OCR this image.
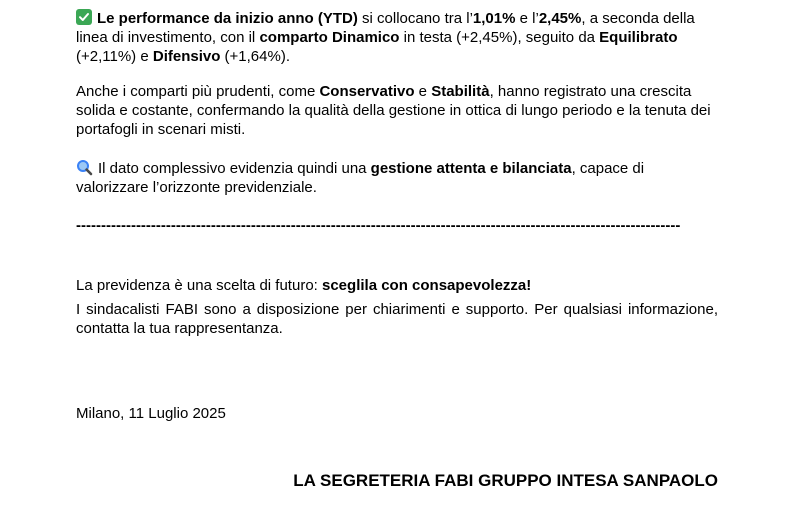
Le performance da inizio anno (YTD) si collocano tra l’1,01% e l’2,45%, a seconda della linea di investimento, con il comparto Dinamico in testa (+2,45%), seguito da Equilibrato (+2,11%) e Difensivo (+1,64%).

Anche i comparti più prudenti, come Conservativo e Stabilità, hanno registrato una crescita solida e costante, confermando la qualità della gestione in ottica di lungo periodo e la tenuta dei portafogli in scenari misti.

Il dato complessivo evidenzia quindi una gestione attenta e bilanciata, capace di valorizzare l’orizzonte previdenziale.

-------------------------------------------------------------------------------------------------------------------------

La previdenza è una scelta di futuro: sceglila con consapevolezza!

I sindacalisti FABI sono a disposizione per chiarimenti e supporto. Per qualsiasi informazione, contatta la tua rappresentanza.

Milano, 11 Luglio 2025
LA SEGRETERIA FABI GRUPPO INTESA SANPAOLO
